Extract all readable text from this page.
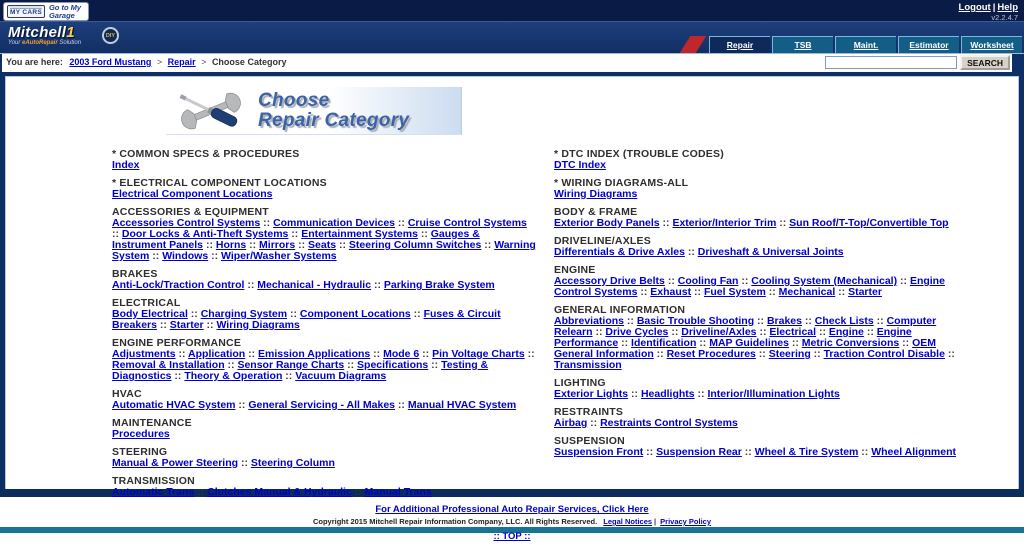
MY CARS
Go to My Garage
Logout | Help
v2.2.4.7
Mitchell1
Your eAutoRepair Solution
DIY
Repair	TSB	Maint.	Estimator	Worksheet
You are here: 2003 Ford Mustang > Repair > Choose Category	SEARCH
Choose
Repair Category
* COMMON SPECS & PROCEDURES
Index
* ELECTRICAL COMPONENT LOCATIONS
Electrical Component Locations
ACCESSORIES & EQUIPMENT
Accessories Control Systems :: Communication Devices :: Cruise Control Systems :: Door Locks & Anti-Theft Systems :: Entertainment Systems :: Gauges & Instrument Panels :: Horns :: Mirrors :: Seats :: Steering Column Switches :: Warning System :: Windows :: Wiper/Washer Systems
BRAKES
Anti-Lock/Traction Control :: Mechanical - Hydraulic :: Parking Brake System
ELECTRICAL
Body Electrical :: Charging System :: Component Locations :: Fuses & Circuit Breakers :: Starter :: Wiring Diagrams
ENGINE PERFORMANCE
Adjustments :: Application :: Emission Applications :: Mode 6 :: Pin Voltage Charts :: Removal & Installation :: Sensor Range Charts :: Specifications :: Testing & Diagnostics :: Theory & Operation :: Vacuum Diagrams
HVAC
Automatic HVAC System :: General Servicing - All Makes :: Manual HVAC System
MAINTENANCE
Procedures
STEERING
Manual & Power Steering :: Steering Column
TRANSMISSION
Automatic Trans :: Clutches Manual & Hydraulic :: Manual Trans
* DTC INDEX (TROUBLE CODES)
DTC Index
* WIRING DIAGRAMS-ALL
Wiring Diagrams
BODY & FRAME
Exterior Body Panels :: Exterior/Interior Trim :: Sun Roof/T-Top/Convertible Top
DRIVELINE/AXLES
Differentials & Drive Axles :: Driveshaft & Universal Joints
ENGINE
Accessory Drive Belts :: Cooling Fan :: Cooling System (Mechanical) :: Engine Control Systems :: Exhaust :: Fuel System :: Mechanical :: Starter
GENERAL INFORMATION
Abbreviations :: Basic Trouble Shooting :: Brakes :: Check Lists :: Computer Relearn :: Drive Cycles :: Driveline/Axles :: Electrical :: Engine :: Engine Performance :: Identification :: MAP Guidelines :: Metric Conversions :: OEM General Information :: Reset Procedures :: Steering :: Traction Control Disable :: Transmission
LIGHTING
Exterior Lights :: Headlights :: Interior/Illumination Lights
RESTRAINTS
Airbag :: Restraints Control Systems
SUSPENSION
Suspension Front :: Suspension Rear :: Wheel & Tire System :: Wheel Alignment
For Additional Professional Auto Repair Services, Click Here
Copyright 2015 Mitchell Repair Information Company, LLC. All Rights Reserved. Legal Notices | Privacy Policy
:: TOP ::
